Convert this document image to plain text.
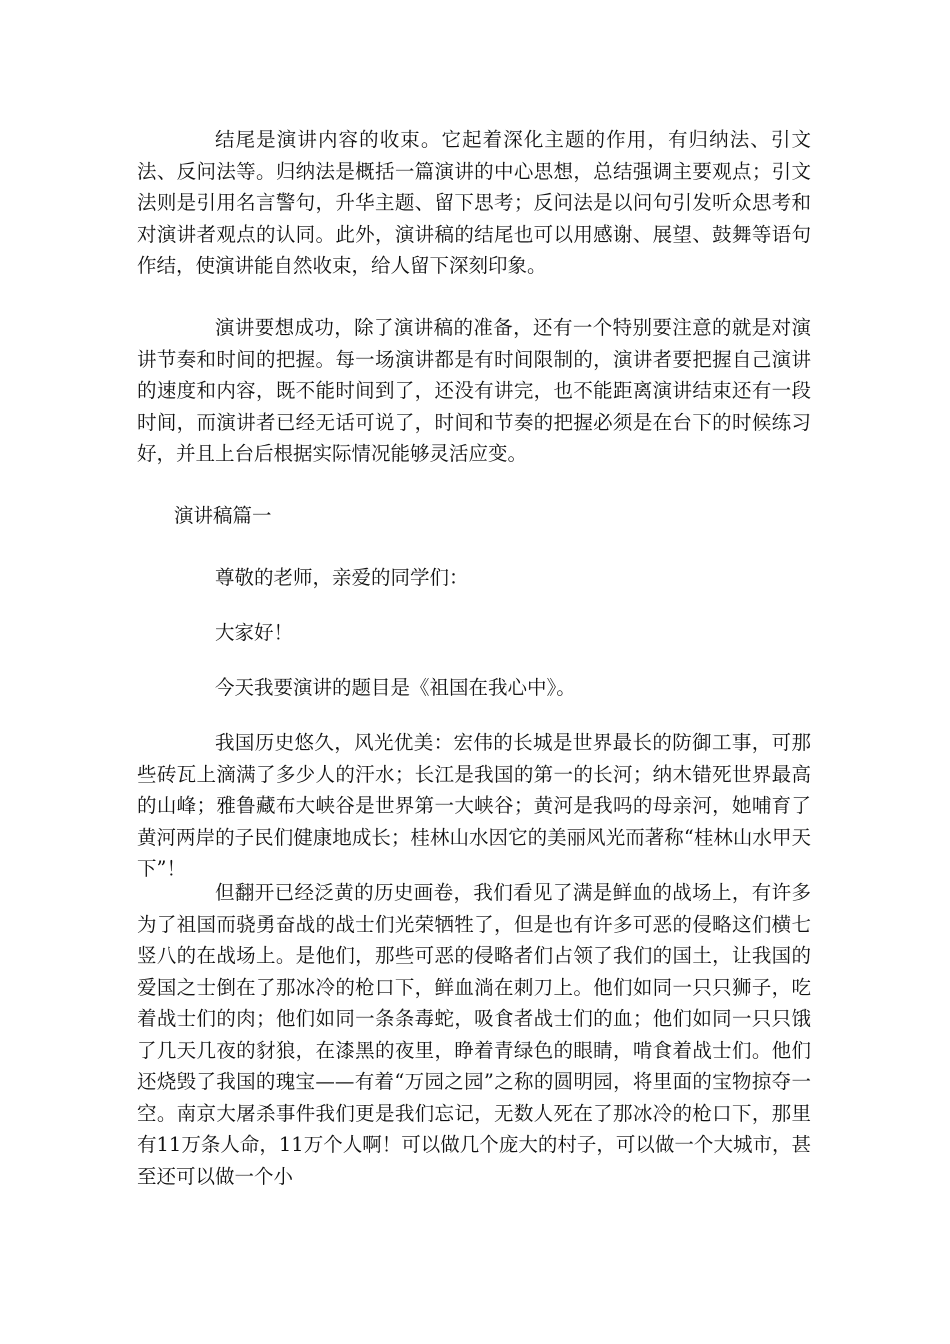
结尾是演讲内容的收束。它起着深化主题的作用，有归纳法、引文法、反问法等。归纳法是概括一篇演讲的中心思想，总结强调主要观点；引文法则是引用名言警句，升华主题、留下思考；反问法是以问句引发听众思考和对演讲者观点的认同。此外，演讲稿的结尾也可以用感谢、展望、鼓舞等语句作结，使演讲能自然收束，给人留下深刻印象。

演讲要想成功，除了演讲稿的准备，还有一个特别要注意的就是对演讲节奏和时间的把握。每一场演讲都是有时间限制的，演讲者要把握自己演讲的速度和内容，既不能时间到了，还没有讲完，也不能距离演讲结束还有一段时间，而演讲者已经无话可说了，时间和节奏的把握必须是在台下的时候练习好，并且上台后根据实际情况能够灵活应变。

演讲稿篇一

尊敬的老师，亲爱的同学们：

大家好！

今天我要演讲的题目是《祖国在我心中》。

我国历史悠久，风光优美：宏伟的长城是世界最长的防御工事，可那些砖瓦上滴满了多少人的汗水；长江是我国的第一的长河；纳木错死世界最高的山峰；雅鲁藏布大峡谷是世界第一大峡谷；黄河是我吗的母亲河，她哺育了黄河两岸的子民们健康地成长；桂林山水因它的美丽风光而著称“桂林山水甲天下”！

但翻开已经泛黄的历史画卷，我们看见了满是鲜血的战场上，有许多为了祖国而骁勇奋战的战士们光荣牺牲了，但是也有许多可恶的侵略这们横七竖八的在战场上。是他们，那些可恶的侵略者们占领了我们的国土，让我国的爱国之士倒在了那冰冷的枪口下，鲜血淌在刺刀上。他们如同一只只狮子，吃着战士们的肉；他们如同一条条毒蛇，吸食者战士们的血；他们如同一只只饿了几天几夜的豺狼，在漆黑的夜里，睁着青绿色的眼睛，啃食着战士们。他们还烧毁了我国的瑰宝——有着“万园之园”之称的圆明园，将里面的宝物掠夺一空。南京大屠杀事件我们更是我们忘记，无数人死在了那冰冷的枪口下，那里有11万条人命，11万个人啊！可以做几个庞大的村子，可以做一个大城市，甚至还可以做一个小
